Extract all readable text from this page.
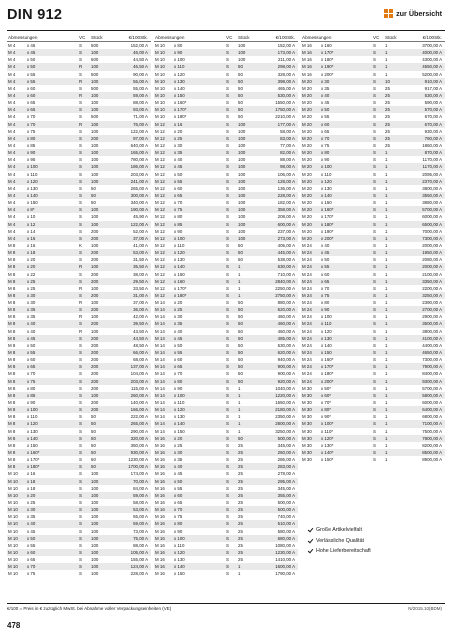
DIN 912	zur Übersicht
Abmessungen	VC Stück	€/100Stk.
M 4	x 45	S 500	152,00 A
M 4	x 45	S 100	46,00 A
M 4	x 50	S 500	44,50 A
M 4	x 50	R 100	46,50 A
M 4	x 55	S 500	90,00 A
M 4	x 55	R 100	55,00 A
M 4	x 60	S 500	55,00 A
M 4	x 60	R 100	59,00 A
M 4	x 65	S 100	88,00 A
M 4	x 65	S 100	93,00 A
M 4	x 70	S 500	71,00 A
M 4	x 70	R 100	76,00 A
M 4	x 75	S 100	122,00 A
M 4	x 80	S 200	97,00 A
M 4	x 85	S 100	640,00 A
M 4	x 90	S 100	165,00 A
M 4	x 95	S 100	780,00 A
M 4	x 100	S 100	186,00 A
M 4	x 110	S 100	203,00 A
M 4	x 120	S 100	241,00 A
M 4	x 130	S 50	265,00 A
M 4	x 140	S 50	300,00 A
M 4	x 150	S 50	340,00 A
M 4	x 8*	S 100	190,00 A
M 4	x 10	S 100	45,90 A
M 4	x 12	S 100	122,00 A
M 4	x 14	S 200	52,00 A
M 4	x 16	S 200	37,00 A
M 8	x 16	K 100	41,00 A
M 8	x 18	S 200	53,00 A
M 8	x 20	S 200	31,50 A
M 8	x 20	R 100	35,50 A
M 8	x 22	S 200	38,00 A
M 8	x 25	S 200	29,50 A
M 8	x 25	R 100	33,50 A
M 8	x 30	S 200	31,00 A
M 8	x 30	R 100	37,00 A
M 8	x 35	S 200	36,00 A
M 8	x 35	R 100	42,00 A
M 8	x 40	S 200	39,50 A
M 8	x 40	R 100	43,50 A
M 8	x 45	S 200	44,50 A
M 8	x 50	S 200	48,50 A
M 8	x 55	S 200	66,00 A
M 8	x 60	S 200	68,00 A
M 8	x 65	S 200	137,00 A
M 8	x 70	S 200	104,00 A
M 8	x 75	S 200	203,00 A
M 8	x 80	S 200	115,00 A
M 8	x 85	S 100	260,00 A
M 8	x 90	S 200	140,00 A
M 8	x 100	S 200	166,00 A
M 8	x 110	S 50	222,00 A
M 8	x 120	S 50	265,00 A
M 8	x 130	S 50	290,00 A
M 8	x 140	S 50	320,00 A
M 8	x 150	S 50	350,00 A
M 8	x 160*	S 50	930,00 A
M 8	x 170*	S 50	1230,00 A
M 8	x 180*	S 50	1700,00 A
M 10 x 16	S 100	174,00 A
M 10 x 18	S 100	70,00 A
M 10 x 18	S 100	84,00 A
M 10 x 20	S 100	59,00 A
M 10 x 25	S 100	58,00 A
M 10 x 30	S 100	53,00 A
M 10 x 35	S 100	55,00 A
M 10 x 40	S 100	59,00 A
M 10 x 45	S 100	73,00 A
M 10 x 50	S 100	75,00 A
M 10 x 55	S 100	88,00 A
M 10 x 60	S 100	105,00 A
M 10 x 65	S 100	155,00 A
M 10 x 70	S 100	124,00 A
M 10 x 75	S 100	228,00 A
Abmessungen	VC Stück	€/100Stk.
M 10 x 80	S 100	152,00 A
M 10 x 90	S 100	173,00 A
M 10 x 100	S 100	211,00 A
M 10 x 110	S 50	298,00 A
M 10 x 120	S 50	328,00 A
M 10 x 130	S 50	398,00 A
M 10 x 140	S 50	465,00 A
M 10 x 150	S 50	530,00 A
M 10 x 160*	S 50	1550,00 A
M 10 x 170*	S 50	1750,00 A
M 10 x 180*	S 50	2210,00 A
M 12 x 16	S 100	177,00 A
M 12 x 20	S 100	58,00 A
M 12 x 25	S 100	83,00 A
M 12 x 30	S 100	77,00 A
M 12 x 35	S 100	82,00 A
M 12 x 40	S 100	88,00 A
M 12 x 45	S 100	98,00 A
M 12 x 50	S 100	106,00 A
M 12 x 55	S 100	128,00 A
M 12 x 60	S 100	136,00 A
M 12 x 65	S 100	228,00 A
M 12 x 70	S 100	182,00 A
M 12 x 75	S 100	358,00 A
M 12 x 80	S 100	208,00 A
M 12 x 85	S 100	600,00 A
M 12 x 90	S 100	237,00 A
M 12 x 100	S 100	273,00 A
M 12 x 110	S 50	405,00 A
M 12 x 120	S 50	445,00 A
M 12 x 130	S 50	538,00 A
M 12 x 140	S 1	630,00 A
M 12 x 150	S 1	710,00 A
M 12 x 160	S 1	2840,00 A
M 12 x 170*	S 1	2250,00 A
M 12 x 180*	S 1	2750,00 A
M 14 x 20	S 50	880,00 A
M 14 x 25	S 50	620,00 A
M 14 x 30	S 50	460,00 A
M 14 x 35	S 50	460,00 A
M 14 x 40	S 50	460,00 A
M 14 x 45	S 50	485,00 A
M 14 x 50	S 50	530,00 A
M 14 x 55	S 50	620,00 A
M 14 x 60	S 50	940,00 A
M 14 x 65	S 50	900,00 A
M 14 x 70	S 50	900,00 A
M 14 x 80	S 50	920,00 A
M 14 x 90	S 1	1040,00 A
M 14 x 100	S 1	1220,00 A
M 14 x 110	S 1	1550,00 A
M 14 x 120	S 1	2180,00 A
M 14 x 130	S 1	2350,00 A
M 14 x 140	S 1	2800,00 A
M 14 x 150	S 1	3250,00 A
M 16 x 20	S 50	500,00 A
M 16 x 25	S 25	345,00 A
M 16 x 30	S 25	260,00 A
M 16 x 35	S 25	286,00 A
M 16 x 40	S 25	283,00 A
M 16 x 45	S 25	278,00 A
M 16 x 50	S 25	295,00 A
M 16 x 55	S 25	345,00 A
M 16 x 60	S 25	355,00 A
M 16 x 65	S 25	500,00 A
M 16 x 70	S 25	500,00 A
M 16 x 75	S 25	740,00 A
M 16 x 80	S 25	510,00 A
M 16 x 90	S 25	580,00 A
M 16 x 100	S 25	680,00 A
M 16 x 110	S 25	1080,00 A
M 16 x 120	S 25	1230,00 A
M 16 x 130	S 25	1410,00 A
M 16 x 140	S 1	1600,00 A
M 16 x 150	S 1	1790,00 A
Abmessungen	VC Stück	€/100Stk.
M 16 x 160	S 1	3700,00 A
M 16 x 170*	S 1	4000,00 A
M 16 x 180*	S 1	4300,00 A
M 16 x 190*	S 1	4550,00 A
M 16 x 200*	S 1	5200,00 A
M 20 x 30	S 10	910,00 A
M 20 x 35	S 25	917,00 A
M 20 x 40	S 25	530,00 A
M 20 x 45	S 25	590,00 A
M 20 x 50	S 25	570,00 A
M 20 x 55	S 25	670,00 A
M 20 x 60	S 25	670,00 A
M 20 x 65	S 25	930,00 A
M 20 x 70	S 25	760,00 A
M 20 x 75	S 25	1860,00 A
M 20 x 80	S 1	870,00 A
M 20 x 90	S 1	1170,00 A
M 20 x 100	S 1	1170,00 A
M 20 x 110	S 1	2095,00 A
M 20 x 120	S 1	2370,00 A
M 20 x 130	S 1	3800,00 A
M 20 x 140	S 1	3550,00 A
M 20 x 150	S 1	3880,00 A
M 20 x 160*	S 1	5700,00 A
M 20 x 170*	S 1	6000,00 A
M 20 x 180*	S 1	6500,00 A
M 20 x 190*	S 1	7000,00 A
M 20 x 200*	S 1	7300,00 A
M 24 x 40	S 1	2000,00 A
M 24 x 45	S 1	1950,00 A
M 24 x 50	S 1	2080,00 A
M 24 x 55	S 1	2000,00 A
M 24 x 60	S 1	2100,00 A
M 24 x 65	S 1	3350,00 A
M 24 x 70	S 1	2200,00 A
M 24 x 75	S 1	3250,00 A
M 24 x 80	S 1	2390,00 A
M 24 x 90	S 1	2700,00 A
M 24 x 100	S 1	2900,00 A
M 24 x 110	S 1	3500,00 A
M 24 x 120	S 1	3800,00 A
M 24 x 130	S 1	4100,00 A
M 24 x 140	S 1	4400,00 A
M 24 x 150	S 1	4650,00 A
M 24 x 160*	S 1	7300,00 A
M 24 x 170*	S 1	7900,00 A
M 24 x 180*	S 1	8400,00 A
M 24 x 200*	S 1	9300,00 A
M 30 x 50*	S 1	5700,00 A
M 30 x 60*	S 1	5800,00 A
M 30 x 70*	S 1	6000,00 A
M 30 x 80*	S 1	6400,00 A
M 30 x 90*	S 1	6800,00 A
M 30 x 100*	S 1	7100,00 A
M 30 x 110*	S 1	7500,00 A
M 30 x 120*	S 1	7800,00 A
M 30 x 130*	S 1	8200,00 A
M 30 x 140*	S 1	8500,00 A
M 30 x 150*	S 1	8900,00 A
Große Artikelvielfalt
Verlässliche Qualität
Hohe Lieferbereitschaft
€/100 = Preis in € zuzüglich MwSt. bei Abnahme voller Verpackungseinheiten (VE)	N/2015.10(BDM)
478
